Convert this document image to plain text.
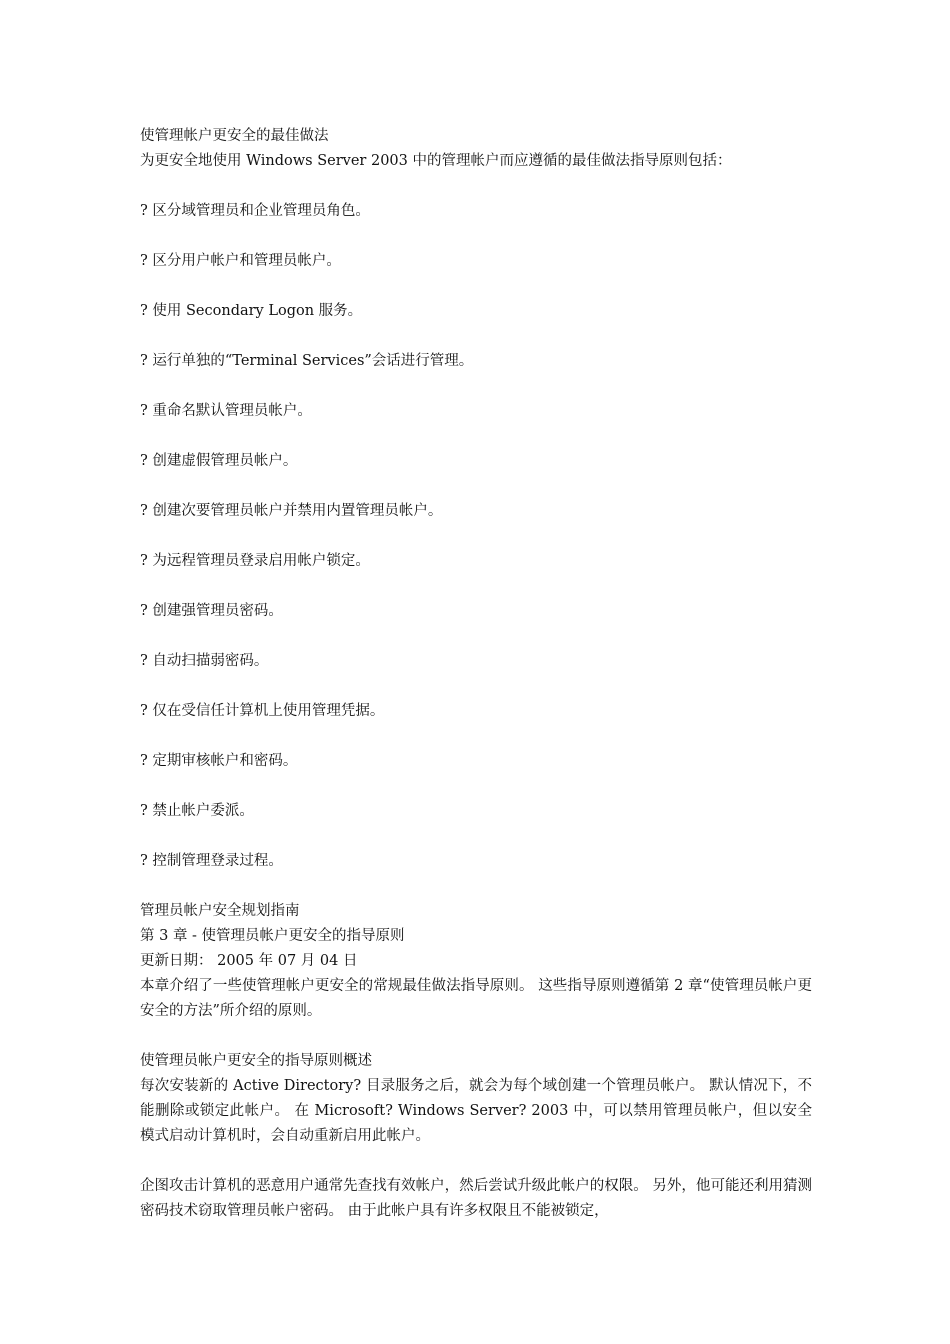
使管理帐户更安全的最佳做法

为更安全地使用 Windows Server 2003 中的管理帐户而应遵循的最佳做法指导原则包括：

? 区分域管理员和企业管理员角色。
? 区分用户帐户和管理员帐户。
? 使用 Secondary Logon 服务。
? 运行单独的“Terminal Services”会话进行管理。
? 重命名默认管理员帐户。
? 创建虚假管理员帐户。
? 创建次要管理员帐户并禁用内置管理员帐户。
? 为远程管理员登录启用帐户锁定。
? 创建强管理员密码。
? 自动扫描弱密码。
? 仅在受信任计算机上使用管理凭据。
? 定期审核帐户和密码。
? 禁止帐户委派。
? 控制管理登录过程。

管理员帐户安全规划指南

第 3 章 - 使管理员帐户更安全的指导原则

更新日期： 2005 年 07 月 04 日

本章介绍了一些使管理帐户更安全的常规最佳做法指导原则。 这些指导原则遵循第 2 章“使管理员帐户更安全的方法”所介绍的原则。

使管理员帐户更安全的指导原则概述

每次安装新的 Active Directory? 目录服务之后，就会为每个域创建一个管理员帐户。 默认情况下，不能删除或锁定此帐户。 在 Microsoft? Windows Server? 2003 中，可以禁用管理员帐户，但以安全模式启动计算机时，会自动重新启用此帐户。

企图攻击计算机的恶意用户通常先查找有效帐户，然后尝试升级此帐户的权限。 另外，他可能还利用猜测密码技术窃取管理员帐户密码。 由于此帐户具有许多权限且不能被锁定，
